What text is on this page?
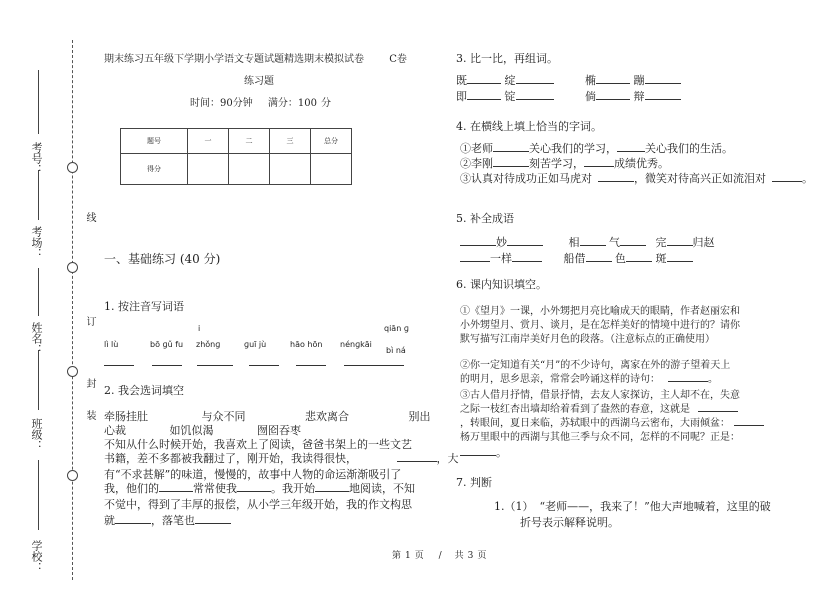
学校：
班级：
姓名：
考场：
考号：
装
订
线
封
期末练习五年级下学期小学语文专题试题精选期末模拟试卷	C卷
练习题
时间：90分钟 满分：100 分
题号	一	二	三	总分
得分				
一、基础练习 (40 分)
1. 按注音写词语
i	qiān ɡ
lì lù	bō ɡǔ fu zhǒnɡ	ɡuī jù	hāo hōn nénɡkāi
bì ná

2. 我会选词填空
牵肠挂肚	与众不同	悲欢离合	别出
心裁	如饥似渴	囫囵吞枣
不知从什么时候开始，我喜欢上了阅读，爸爸书架上的一些文艺
书籍，差不多都被我翻过了，刚开始，我读得很快，	，大
有“不求甚解”的味道，慢慢的，故事中人物的命运渐渐吸引了
我，他们的	常常使我	。我开始	地阅读，不知
不觉中，得到了丰厚的报偿，从小学三年级开始，我的作文构思
就	，落笔也
3. 比一比，再组词。
既	绽	椭	蹦
即	锭	倘	辩
4. 在横线上填上恰当的字词。
①老师	关心我们的学习，	关心我们的生活。
②李刚	刻苦学习，	成绩优秀。
③认真对待成功正如马虎对	，微笑对待高兴正如流泪对	。
5. 补全成语
妙	相	气	完 归赵
一样	船借	色	斑
6. 课内知识填空。
①《望月》一课，小外甥把月亮比喻成天的眼睛，作者赵丽宏和
小外甥望月、赏月、谈月，是在怎样美好的情境中进行的？请你
默写描写江南岸美好月色的段落。（注意标点的正确使用）
②你一定知道有关“月”的不少诗句，离家在外的游子望着天上
的明月，思乡思亲，常常会吟诵这样的诗句：	。
③古人借月抒情，借景抒情，去友人家探访，主人却不在，失意
之际一枝红杏出墙却给着看到了盎然的春意，这就是
，转眼间，夏日来临，苏轼眼中的西湖乌云密布，大雨倾盆：
杨万里眼中的西湖与其他三季与众不同，怎样的不同呢？正是：
。
7. 判断
1.（1） “老师——，我来了！”他大声地喊着，这里的破
折号表示解释说明。
第 1 页 / 共 3 页
